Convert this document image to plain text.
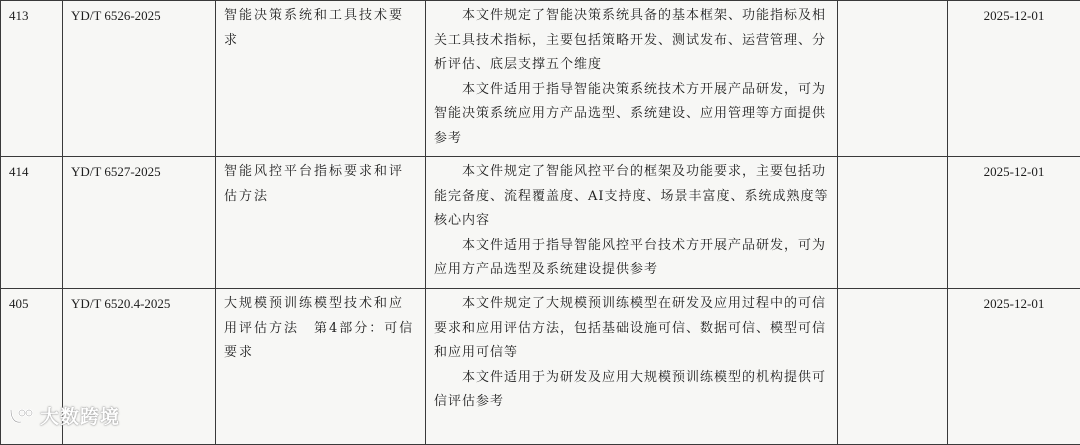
413	YD/T 6526-2025	智能决策系统和工具技术要求	本文件规定了智能决策系统具备的基本框架、功能指标及相关工具技术指标，主要包括策略开发、测试发布、运营管理、分析评估、底层支撑五个维度

本文件适用于指导智能决策系统技术方开展产品研发，可为智能决策系统应用方产品选型、系统建设、应用管理等方面提供参考		2025-12-01
414	YD/T 6527-2025	智能风控平台指标要求和评估方法	本文件规定了智能风控平台的框架及功能要求，主要包括功能完备度、流程覆盖度、AI支持度、场景丰富度、系统成熟度等核心内容

本文件适用于指导智能风控平台技术方开展产品研发，可为应用方产品选型及系统建设提供参考		2025-12-01
405	YD/T 6520.4-2025	大规模预训练模型技术和应用评估方法　第4部分：可信要求	本文件规定了大规模预训练模型在研发及应用过程中的可信要求和应用评估方法，包括基础设施可信、数据可信、模型可信和应用可信等

本文件适用于为研发及应用大规模预训练模型的机构提供可信评估参考		2025-12-01
大数跨境
